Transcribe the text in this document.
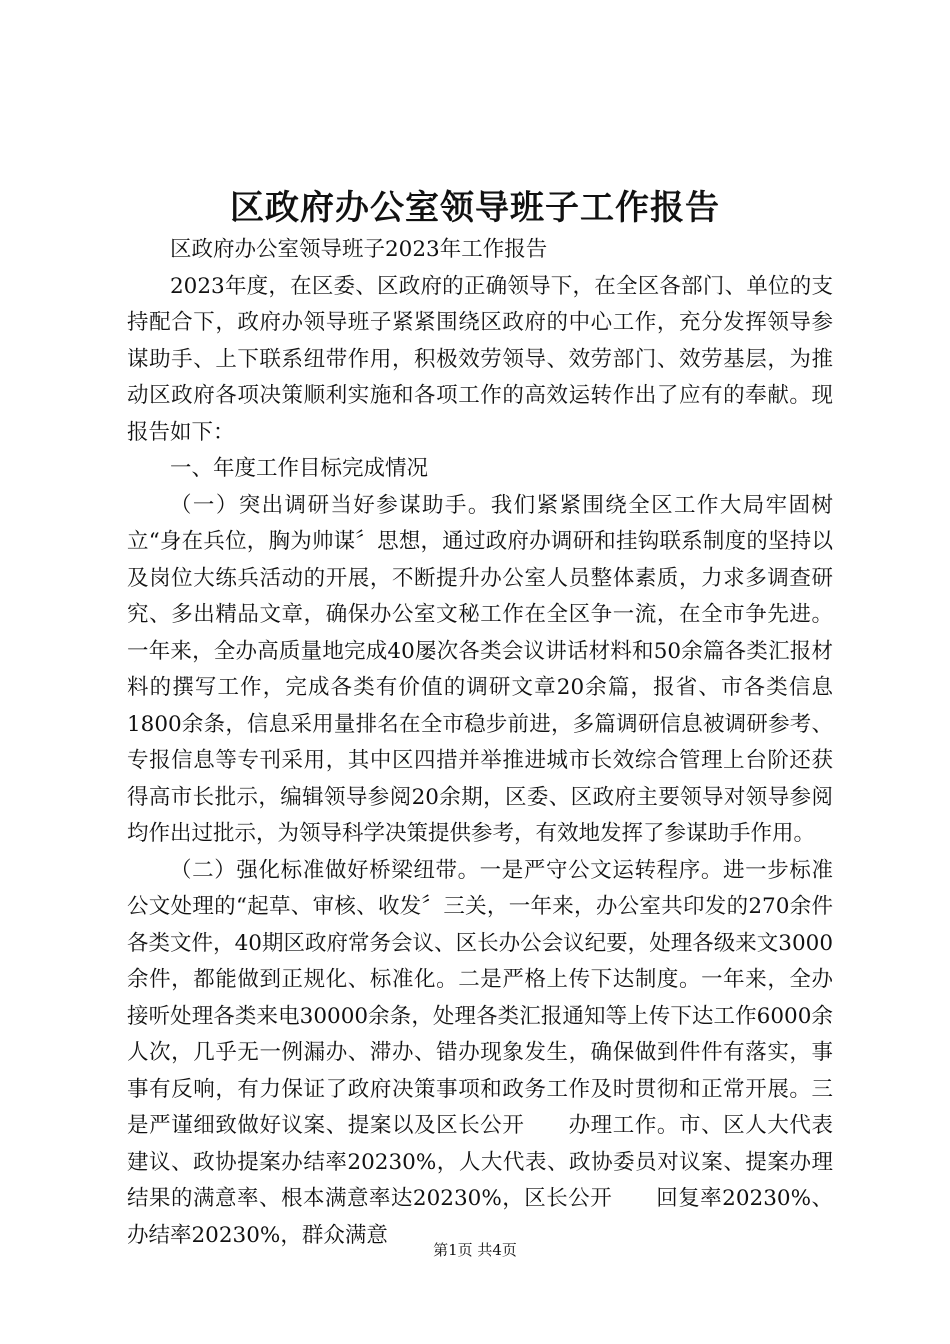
区政府办公室领导班子工作报告

区政府办公室领导班子2023年工作报告

2023年度，在区委、区政府的正确领导下，在全区各部门、单位的支持配合下，政府办领导班子紧紧围绕区政府的中心工作，充分发挥领导参谋助手、上下联系纽带作用，积极效劳领导、效劳部门、效劳基层，为推动区政府各项决策顺利实施和各项工作的高效运转作出了应有的奉献。现报告如下：

一、年度工作目标完成情况

（一）突出调研当好参谋助手。我们紧紧围绕全区工作大局牢固树立“身在兵位，胸为帅谋〞思想，通过政府办调研和挂钩联系制度的坚持以及岗位大练兵活动的开展，不断提升办公室人员整体素质，力求多调查研究、多出精品文章，确保办公室文秘工作在全区争一流，在全市争先进。一年来，全办高质量地完成40屡次各类会议讲话材料和50余篇各类汇报材料的撰写工作，完成各类有价值的调研文章20余篇，报省、市各类信息1800余条，信息采用量排名在全市稳步前进，多篇调研信息被调研参考、专报信息等专刊采用，其中区四措并举推进城市长效综合管理上台阶还获得高市长批示，编辑领导参阅20余期，区委、区政府主要领导对领导参阅均作出过批示，为领导科学决策提供参考，有效地发挥了参谋助手作用。

（二）强化标准做好桥梁纽带。一是严守公文运转程序。进一步标准公文处理的“起草、审核、收发〞三关，一年来，办公室共印发的270余件各类文件，40期区政府常务会议、区长办公会议纪要，处理各级来文3000余件，都能做到正规化、标准化。二是严格上传下达制度。一年来，全办接听处理各类来电30000余条，处理各类汇报通知等上传下达工作6000余人次，几乎无一例漏办、滞办、错办现象发生，确保做到件件有落实，事事有反响，有力保证了政府决策事项和政务工作及时贯彻和正常开展。三是严谨细致做好议案、提案以及区长公开　　办理工作。市、区人大代表建议、政协提案办结率20230%，人大代表、政协委员对议案、提案办理结果的满意率、根本满意率达20230%，区长公开　　回复率20230%、办结率20230%，群众满意

第1页 共4页
